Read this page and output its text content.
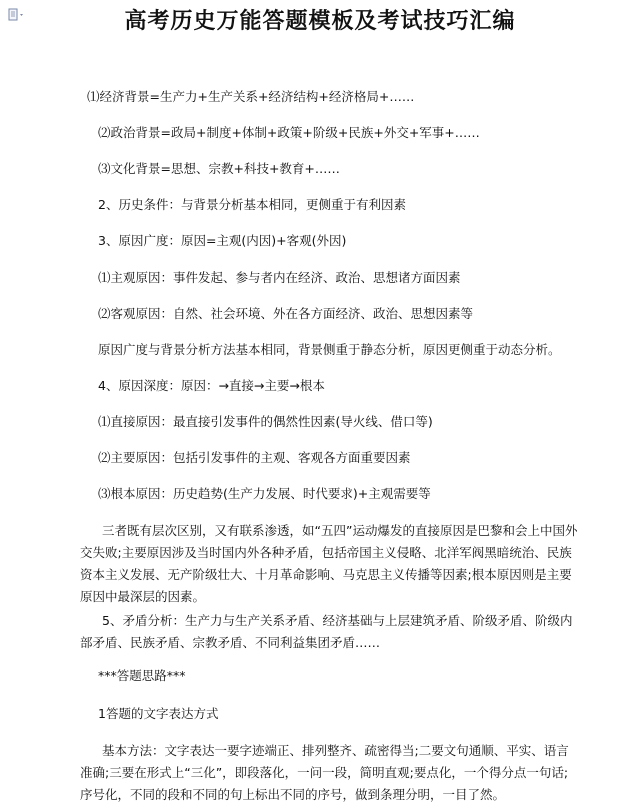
高考历史万能答题模板及考试技巧汇编
⑴经济背景=生产力+生产关系+经济结构+经济格局+……
⑵政治背景=政局+制度+体制+政策+阶级+民族+外交+军事+……
⑶文化背景=思想、宗教+科技+教育+……
2、历史条件：与背景分析基本相同，更侧重于有利因素
3、原因广度：原因=主观(内因)+客观(外因)
⑴主观原因：事件发起、参与者内在经济、政治、思想诸方面因素
⑵客观原因：自然、社会环境、外在各方面经济、政治、思想因素等
原因广度与背景分析方法基本相同，背景侧重于静态分析，原因更侧重于动态分析。
4、原因深度：原因：→直接→主要→根本
⑴直接原因：最直接引发事件的偶然性因素(导火线、借口等)
⑵主要原因：包括引发事件的主观、客观各方面重要因素
⑶根本原因：历史趋势(生产力发展、时代要求)+主观需要等
三者既有层次区别，又有联系渗透，如“五四”运动爆发的直接原因是巴黎和会上中国外交失败;主要原因涉及当时国内外各种矛盾，包括帝国主义侵略、北洋军阀黑暗统治、民族资本主义发展、无产阶级壮大、十月革命影响、马克思主义传播等因素;根本原因则是主要原因中最深层的因素。
5、矛盾分析：生产力与生产关系矛盾、经济基础与上层建筑矛盾、阶级矛盾、阶级内部矛盾、民族矛盾、宗教矛盾、不同利益集团矛盾……
***答题思路***
1答题的文字表达方式
基本方法：文字表达一要字迹端正、排列整齐、疏密得当;二要文句通顺、平实、语言准确;三要在形式上“三化”，即段落化，一问一段，简明直观;要点化，一个得分点一句话;序号化，不同的段和不同的句上标出不同的序号，做到条理分明，一目了然。
